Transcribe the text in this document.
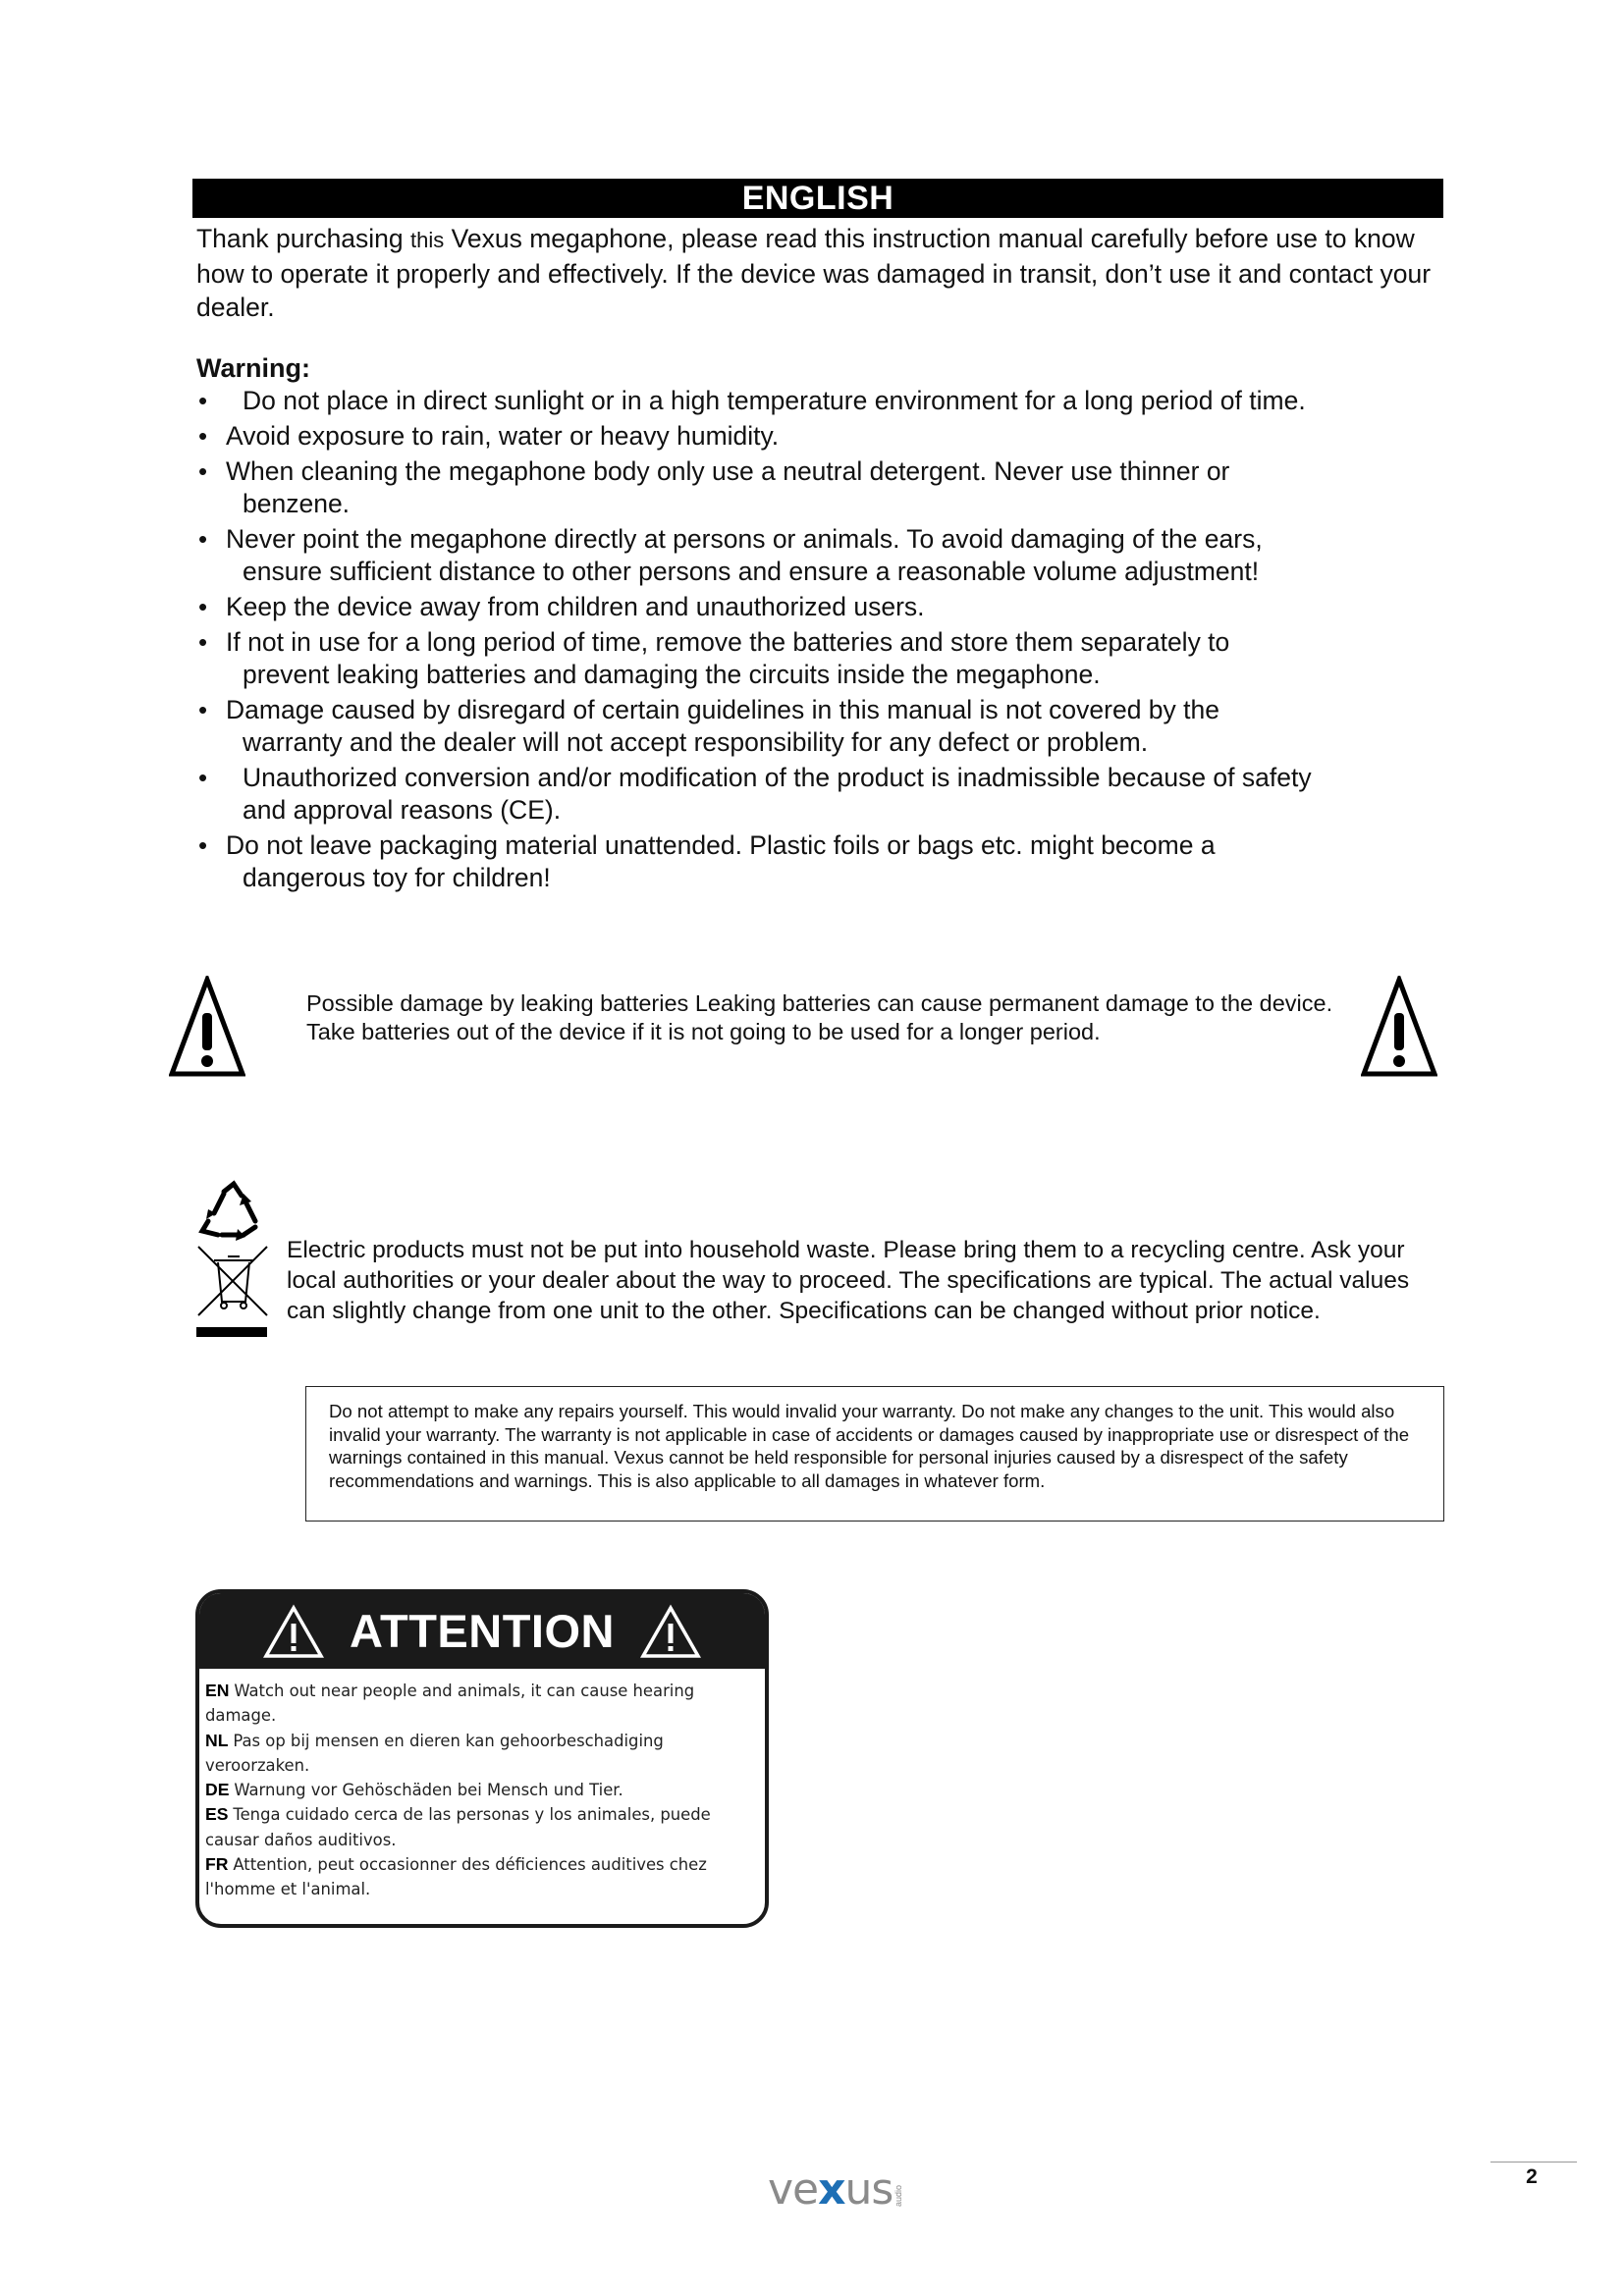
ENGLISH
Thank purchasing this Vexus megaphone, please read this instruction manual carefully before use to know how to operate it properly and effectively. If the device was damaged in transit, don’t use it and contact your dealer.
Warning:
• Do not place in direct sunlight or in a high temperature environment for a long period of time.
• Avoid exposure to rain, water or heavy humidity.
• When cleaning the megaphone body only use a neutral detergent. Never use thinner or
benzene.
• Never point the megaphone directly at persons or animals. To avoid damaging of the ears,
ensure sufficient distance to other persons and ensure a reasonable volume adjustment!
• Keep the device away from children and unauthorized users.
• If not in use for a long period of time, remove the batteries and store them separately to
prevent leaking batteries and damaging the circuits inside the megaphone.
• Damage caused by disregard of certain guidelines in this manual is not covered by the
warranty and the dealer will not accept responsibility for any defect or problem.
• Unauthorized conversion and/or modification of the product is inadmissible because of safety
and approval reasons (CE).
• Do not leave packaging material unattended. Plastic foils or bags etc. might become a
dangerous toy for children!
Possible damage by leaking batteries Leaking batteries can cause permanent damage to the device. Take batteries out of the device if it is not going to be used for a longer period.
Electric products must not be put into household waste. Please bring them to a recycling centre. Ask your local authorities or your dealer about the way to proceed. The specifications are typical. The actual values can slightly change from one unit to the other. Specifications can be changed without prior notice.
Do not attempt to make any repairs yourself. This would invalid your warranty. Do not make any changes to the unit. This would also invalid your warranty. The warranty is not applicable in case of accidents or damages caused by inappropriate use or disrespect of the warnings contained in this manual. Vexus cannot be held responsible for personal injuries caused by a disrespect of the safety recommendations and warnings. This is also applicable to all damages in whatever form.
ATTENTION
EN Watch out near people and animals, it can cause hearing damage.
NL Pas op bij mensen en dieren kan gehoorbeschadiging veroorzaken.
DE Warnung vor Gehöschäden bei Mensch und Tier.
ES Tenga cuidado cerca de las personas y los animales, puede causar daños auditivos.
FR Attention, peut occasionner des déficiences auditives chez l'homme et l'animal.
vexus audio
2
